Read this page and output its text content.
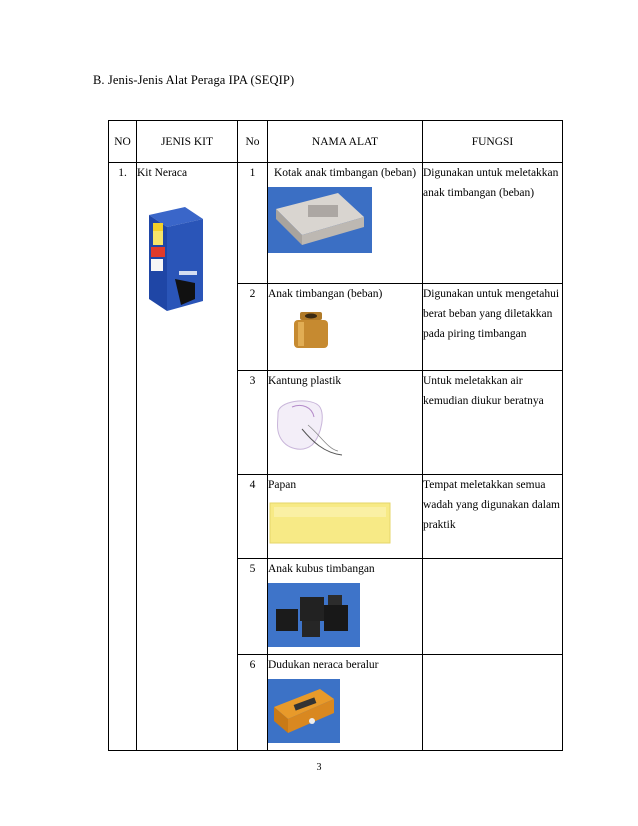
B. Jenis-Jenis Alat Peraga IPA (SEQIP)
NO	JENIS KIT	No	NAMA ALAT	FUNGSI
1.	Kit Neraca	1	Kotak anak timbangan (beban)	Digunakan untuk meletakkan anak timbangan (beban)
		2	Anak timbangan (beban)	Digunakan untuk mengetahui berat beban yang diletakkan pada piring timbangan
		3	Kantung plastik	Untuk meletakkan air kemudian diukur beratnya
		4	Papan	Tempat meletakkan semua wadah yang digunakan dalam praktik
		5	Anak kubus timbangan	

		6	Dudukan neraca beralur	

3
